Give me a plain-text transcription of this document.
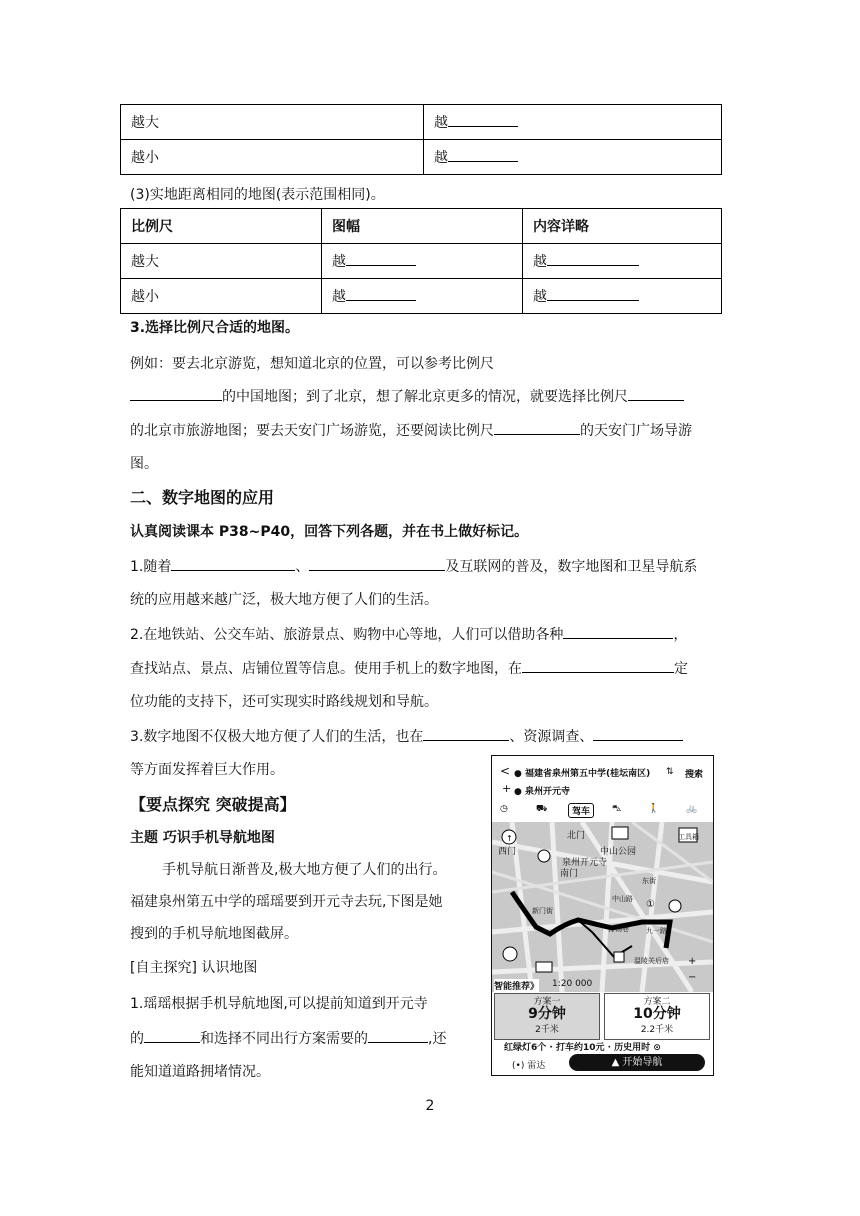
越大	越
越小	越
(3)实地距离相同的地图(表示范围相同)。
比例尺	图幅	内容详略
越大	越	越
越小	越	越
3.选择比例尺合适的地图。
例如：要去北京游览，想知道北京的位置，可以参考比例尺
的中国地图；到了北京，想了解北京更多的情况，就要选择比例尺
的北京市旅游地图；要去天安门广场游览，还要阅读比例尺	的天安门广场导游
图。
二、数字地图的应用
认真阅读课本 P38~P40，回答下列各题，并在书上做好标记。
1.随着	、	及互联网的普及，数字地图和卫星导航系
统的应用越来越广泛，极大地方便了人们的生活。
2.在地铁站、公交车站、旅游景点、购物中心等地，人们可以借助各种	，
查找站点、景点、店铺位置等信息。使用手机上的数字地图，在	定
位功能的支持下，还可实现实时路线规划和导航。
3.数字地图不仅极大地方便了人们的生活，也在	、资源调查、
等方面发挥着巨大作用。
【要点探究 突破提高】
主题 巧识手机导航地图
手机导航日渐普及,极大地方便了人们的出行。
福建泉州第五中学的瑶瑶要到开元寺去玩,下图是她
搜到的手机导航地图截屏。
[自主探究] 认识地图
1.瑶瑶根据手机导航地图,可以提前知道到开元寺
的	和选择不同出行方案需要的	,还
能知道道路拥堵情况。
< ● 福建省泉州第五中学(桂坛南区) ⇅ 搜索
+ ● 泉州开元寺
◷	⛟	驾车	⛍	🚶	🚲
↑
西门
北门
中山公园
泉州开元寺
南门
工具箱
东街
中山路
新门街
打锡巷 九一路
①
温陵关后店 +
−
智能推荐》 1:20 000
方案一
9分钟
2千米
方案二
10分钟
2.2千米
红绿灯6个 · 打车约10元 · 历史用时 ⊙
(•) 雷达	▲ 开始导航
2
